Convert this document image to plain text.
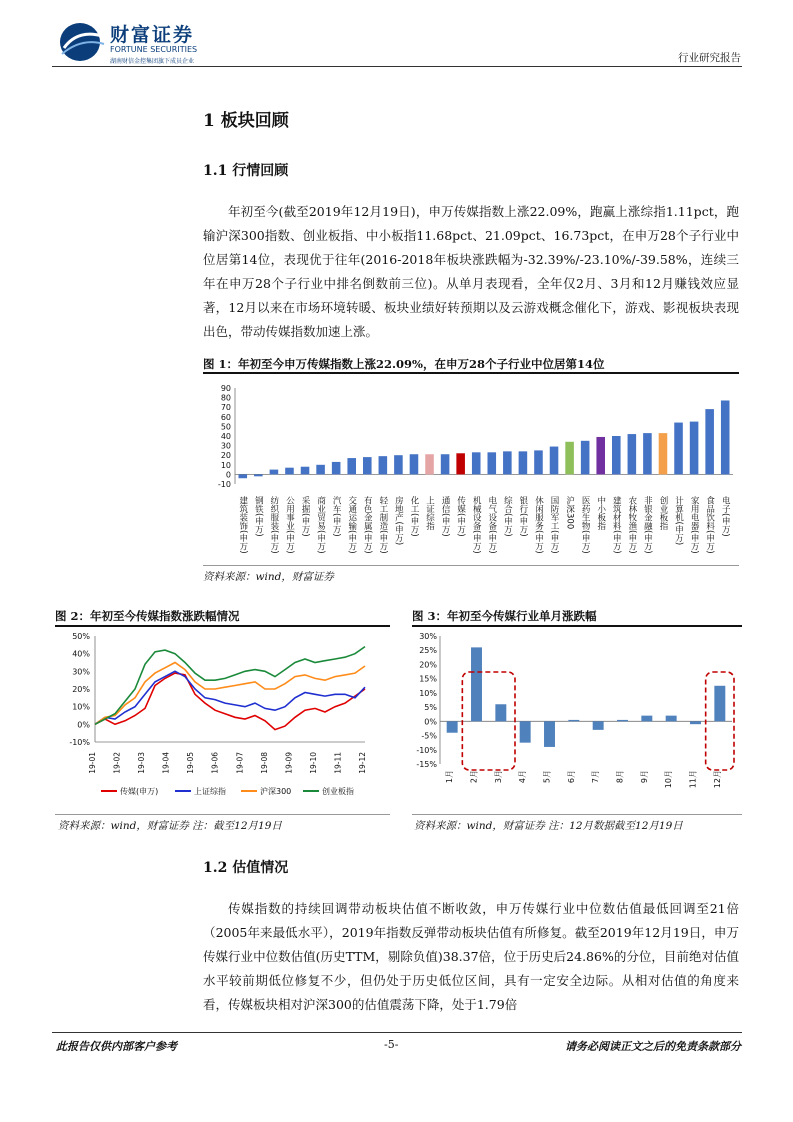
财富证券
FORTUNE SECURITIES
湖南财信金控集团旗下成员企业	行业研究报告
1 板块回顾
1.1 行情回顾
年初至今(截至2019年12月19日)，申万传媒指数上涨22.09%，跑赢上涨综指1.11pct，跑输沪深300指数、创业板指、中小板指11.68pct、21.09pct、16.73pct，在申万28个子行业中位居第14位，表现优于往年(2016-2018年板块涨跌幅为-32.39%/-23.10%/-39.58%，连续三年在申万28个子行业中排名倒数前三位)。从单月表现看，全年仅2月、3月和12月赚钱效应显著，12月以来在市场环境转暖、板块业绩好转预期以及云游戏概念催化下，游戏、影视板块表现出色，带动传媒指数加速上涨。
图 1：年初至今申万传媒指数上涨22.09%，在申万28个子行业中位居第14位
90
80
70
60
50
40
30
20
10
0
-10
建筑装饰(申万) 钢铁(申万) 纺织服装(申万) 公用事业(申万) 采掘(申万) 商业贸易(申万) 汽车(申万) 交通运输(申万) 有色金属(申万) 轻工制造(申万) 房地产(申万) 化工(申万) 上证综指 通信(申万) 传媒(申万) 机械设备(申万) 电气设备(申万) 综合(申万) 银行(申万) 休闲服务(申万) 国防军工(申万) 沪深300 医药生物(申万) 中小板指 建筑材料(申万) 农林牧渔(申万) 非银金融(申万) 创业板指 计算机(申万) 家用电器(申万) 食品饮料(申万) 电子(申万)
资料来源：wind，财富证券
图 2：年初至今传媒指数涨跌幅情况
50%
40%
30%
20%
10%
0%
-10%
19-01 19-02 19-03 19-04 19-05 19-06 19-07 19-08 19-09 19-10 19-11 19-12
传媒(申万)	上证综指	沪深300	创业板指
资料来源：wind，财富证券 注：截至12月19日
图 3：年初至今传媒行业单月涨跌幅
30%
25%
20%
15%
10%
5%
0%
-5%
-10%
-15%
1月 2月 3月 4月 5月 6月 7月 8月 9月 10月 11月 12月
资料来源：wind，财富证券 注：12月数据截至12月19日
1.2 估值情况
传媒指数的持续回调带动板块估值不断收敛，申万传媒行业中位数估值最低回调至21倍（2005年来最低水平），2019年指数反弹带动板块估值有所修复。截至2019年12月19日，申万传媒行业中位数估值(历史TTM，剔除负值)38.37倍，位于历史后24.86%的分位，目前绝对估值水平较前期低位修复不少，但仍处于历史低位区间，具有一定安全边际。从相对估值的角度来看，传媒板块相对沪深300的估值震荡下降，处于1.79倍
此报告仅供内部客户参考	-5-	请务必阅读正文之后的免责条款部分
